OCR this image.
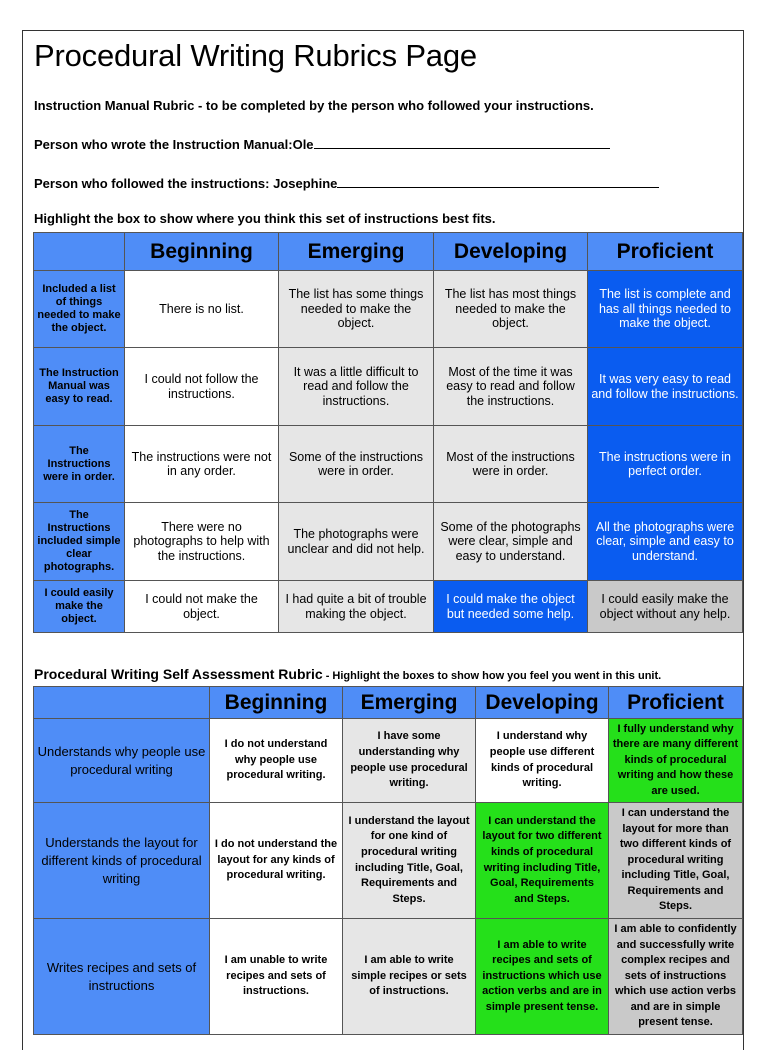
Procedural Writing Rubrics Page
Instruction Manual Rubric - to be completed by the person who followed your instructions.
Person who wrote the Instruction Manual:Ole
Person who followed the instructions: Josephine
Highlight the box to show where you think this set of instructions best fits.
	Beginning	Emerging	Developing	Proficient
Included a list of things needed to make the object.	There is no list.	The list has some things needed to make the object.	The list has most things needed to make the object.	The list is complete and has all things needed to make the object.
The Instruction Manual was easy to read.	I could not follow the instructions.	It was a little difficult to read and follow the instructions.	Most of the time it was easy to read and follow the instructions.	It was very easy to read and follow the instructions.
The Instructions were in order.	The instructions were not in any order.	Some of the instructions were in order.	Most of the instructions were in order.	The instructions were in perfect order.
The Instructions included simple clear photographs.	There were no photographs to help with the instructions.	The photographs were unclear and did not help.	Some of the photographs were clear, simple and easy to understand.	All the photographs were clear, simple and easy to understand.
I could easily make the object.	I could not make the object.	I had quite a bit of trouble making the object.	I could make the object but needed some help.	I could easily make the object without any help.
Procedural Writing Self Assessment Rubric - Highlight the boxes to show how you feel you went in this unit.
	Beginning	Emerging	Developing	Proficient
Understands why people use procedural writing	I do not understand why people use procedural writing.	I have some understanding why people use procedural writing.	I understand why people use different kinds of procedural writing.	I fully understand why there are many different kinds of procedural writing and how these are used.
Understands the layout for different kinds of procedural writing	I do not understand the layout for any kinds of procedural writing.	I understand the layout for one kind of procedural writing including Title, Goal, Requirements and Steps.	I can understand the layout for two different kinds of procedural writing including Title, Goal, Requirements and Steps.	I can understand the layout for more than two different kinds of procedural writing including Title, Goal, Requirements and Steps.
Writes recipes and sets of instructions	I am unable to write recipes and sets of instructions.	I am able to write simple recipes or sets of instructions.	I am able to write recipes and sets of instructions which use action verbs and are in simple present tense.	I am able to confidently and successfully write complex recipes and sets of instructions which use action verbs and are in simple present tense.
